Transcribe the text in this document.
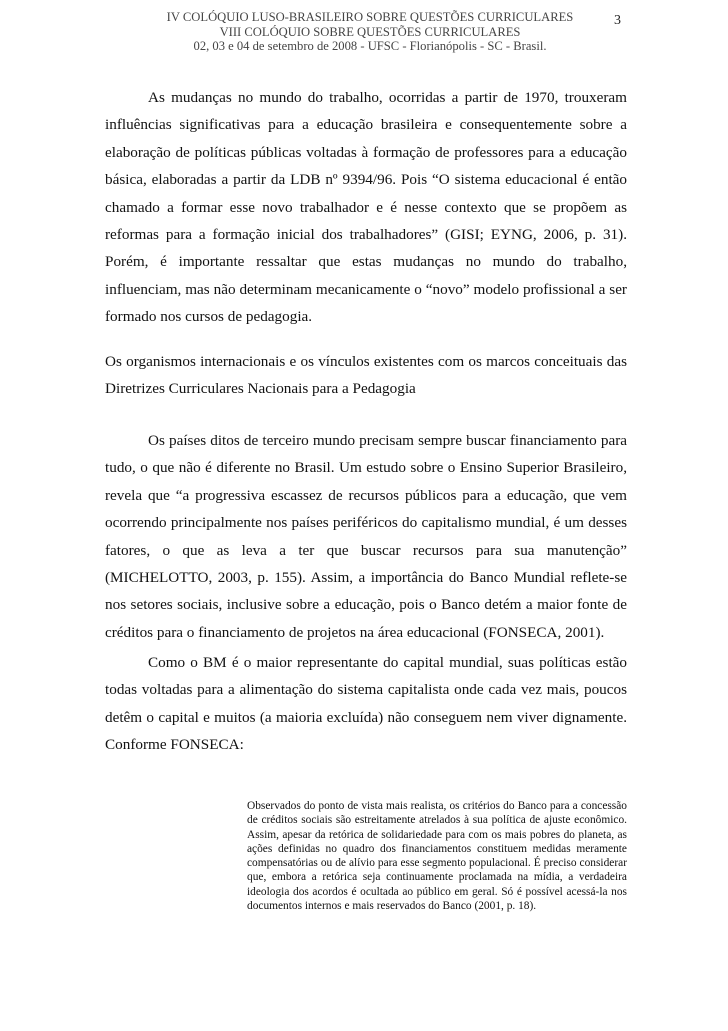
IV COLÓQUIO LUSO-BRASILEIRO SOBRE QUESTÕES CURRICULARES
VIII COLÓQUIO SOBRE QUESTÕES CURRICULARES
02, 03 e 04 de setembro de 2008 - UFSC - Florianópolis - SC - Brasil.
3

As mudanças no mundo do trabalho, ocorridas a partir de 1970, trouxeram influências significativas para a educação brasileira e consequentemente sobre a elaboração de políticas públicas voltadas à formação de professores para a educação básica, elaboradas a partir da LDB nº 9394/96. Pois “O sistema educacional é então chamado a formar esse novo trabalhador e é nesse contexto que se propõem as reformas para a formação inicial dos trabalhadores” (GISI; EYNG, 2006, p. 31). Porém, é importante ressaltar que estas mudanças no mundo do trabalho, influenciam, mas não determinam mecanicamente o “novo” modelo profissional a ser formado nos cursos de pedagogia.

Os organismos internacionais e os vínculos existentes com os marcos conceituais das Diretrizes Curriculares Nacionais para a Pedagogia

Os países ditos de terceiro mundo precisam sempre buscar financiamento para tudo, o que não é diferente no Brasil. Um estudo sobre o Ensino Superior Brasileiro, revela que “a progressiva escassez de recursos públicos para a educação, que vem ocorrendo principalmente nos países periféricos do capitalismo mundial, é um desses fatores, o que as leva a ter que buscar recursos para sua manutenção” (MICHELOTTO, 2003, p. 155). Assim, a importância do Banco Mundial reflete-se nos setores sociais, inclusive sobre a educação, pois o Banco detém a maior fonte de créditos para o financiamento de projetos na área educacional (FONSECA, 2001).

Como o BM é o maior representante do capital mundial, suas políticas estão todas voltadas para a alimentação do sistema capitalista onde cada vez mais, poucos detêm o capital e muitos (a maioria excluída) não conseguem nem viver dignamente. Conforme FONSECA:

Observados do ponto de vista mais realista, os critérios do Banco para a concessão de créditos sociais são estreitamente atrelados à sua política de ajuste econômico. Assim, apesar da retórica de solidariedade para com os mais pobres do planeta, as ações definidas no quadro dos financiamentos constituem medidas meramente compensatórias ou de alívio para esse segmento populacional. É preciso considerar que, embora a retórica seja continuamente proclamada na mídia, a verdadeira ideologia dos acordos é ocultada ao público em geral. Só é possível acessá-la nos documentos internos e mais reservados do Banco (2001, p. 18).
